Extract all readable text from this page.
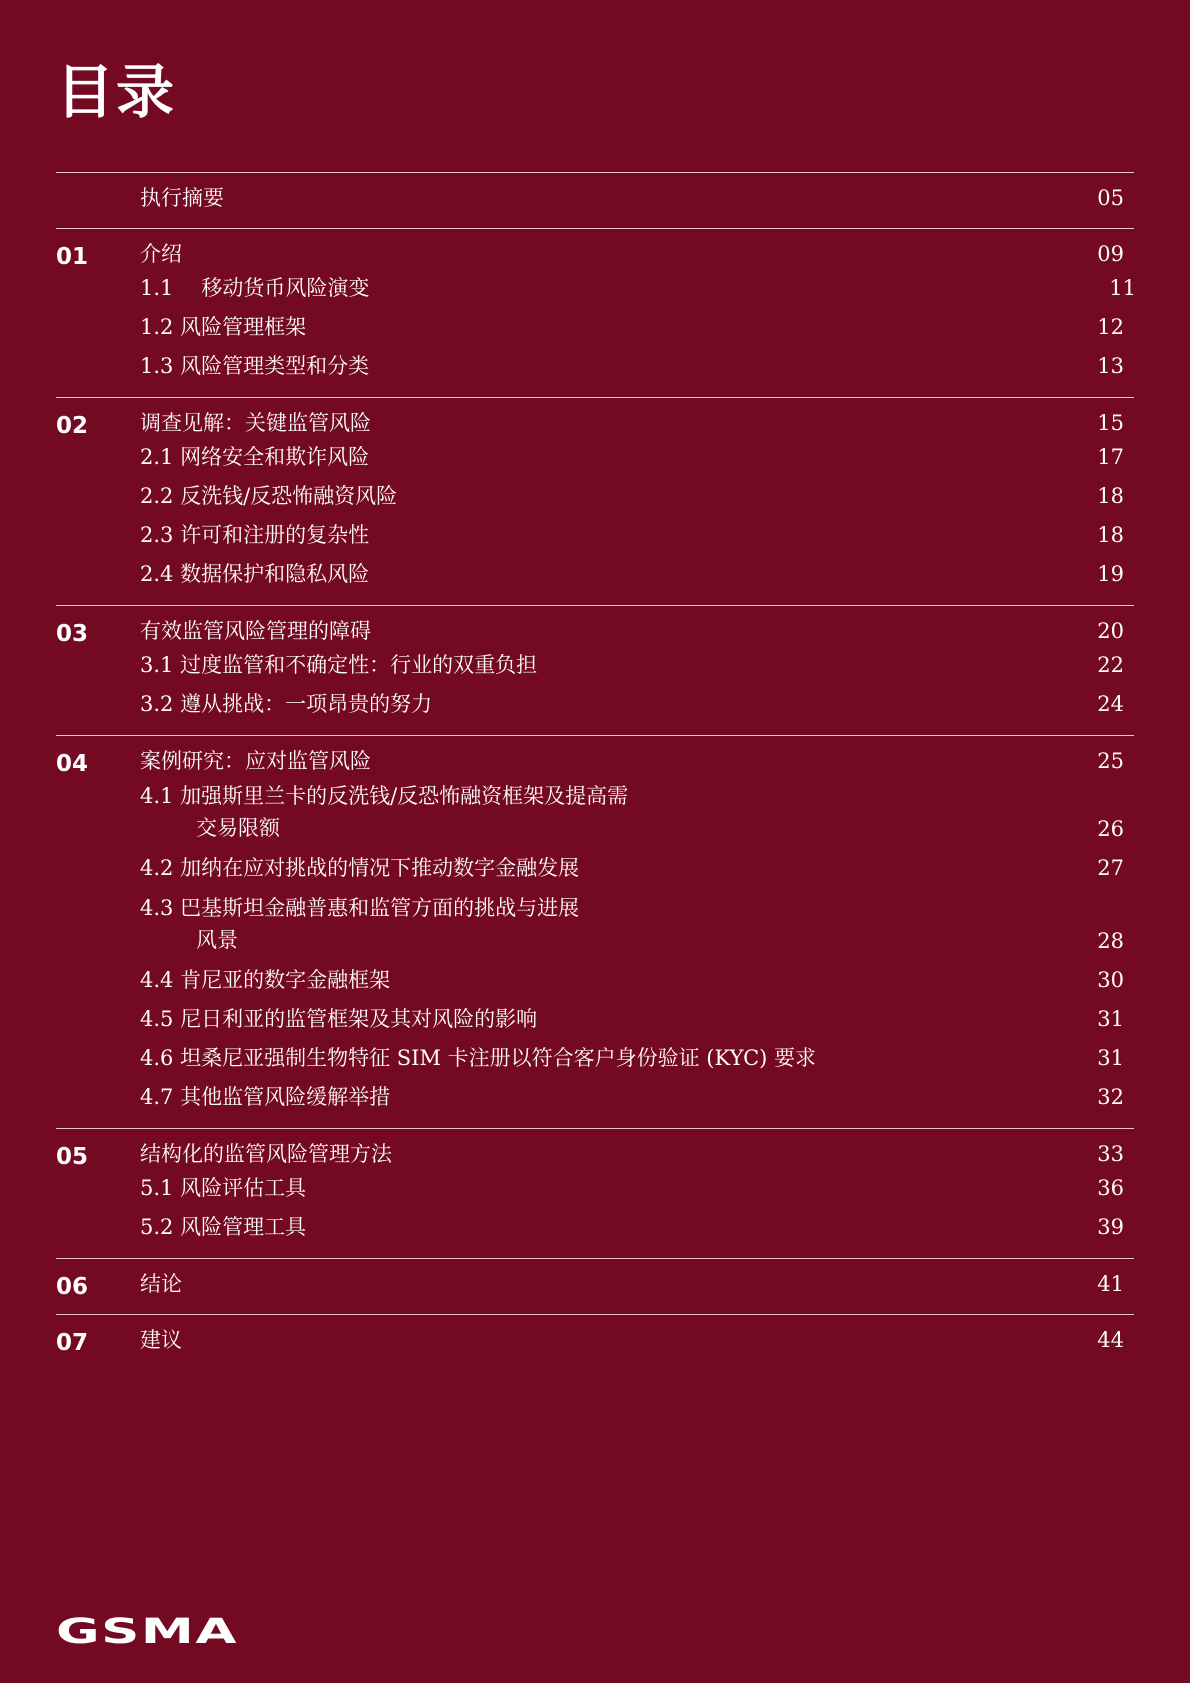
目录
执行摘要	05
01	介绍	09
1.1 移动货币风险演变	11
1.2 风险管理框架	12
1.3 风险管理类型和分类	13
02	调查见解：关键监管风险	15
2.1 网络安全和欺诈风险	17
2.2 反洗钱/反恐怖融资风险	18
2.3 许可和注册的复杂性	18
2.4 数据保护和隐私风险	19
03	有效监管风险管理的障碍	20
3.1 过度监管和不确定性：行业的双重负担	22
3.2 遵从挑战：一项昂贵的努力	24
04	案例研究：应对监管风险	25
4.1 加强斯里兰卡的反洗钱/反恐怖融资框架及提高需
交易限额	26
4.2 加纳在应对挑战的情况下推动数字金融发展	27
4.3 巴基斯坦金融普惠和监管方面的挑战与进展
风景	28
4.4 肯尼亚的数字金融框架	30
4.5 尼日利亚的监管框架及其对风险的影响	31
4.6 坦桑尼亚强制生物特征 SIM 卡注册以符合客户身份验证 (KYC) 要求	31
4.7 其他监管风险缓解举措	32
05	结构化的监管风险管理方法	33
5.1 风险评估工具	36
5.2 风险管理工具	39
06	结论	41
07	建议	44
GSMA
